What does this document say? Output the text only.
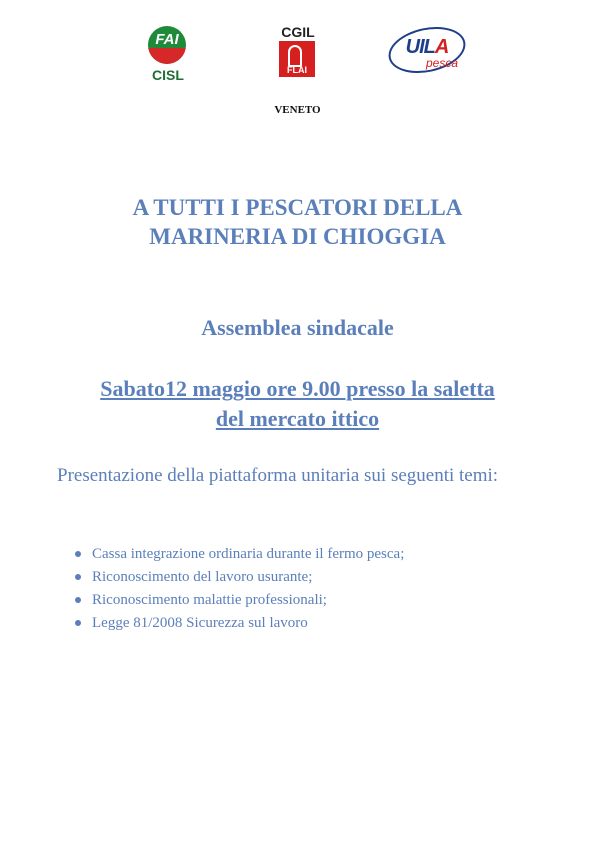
FAI
CISL
CGIL
FLAI
UILA
pesca
VENETO
A TUTTI I PESCATORI DELLA
MARINERIA DI CHIOGGIA
Assemblea sindacale
Sabato12 maggio ore 9.00 presso la saletta
del mercato ittico
Presentazione della piattaforma unitaria sui seguenti temi:
Cassa integrazione ordinaria durante il fermo pesca;
Riconoscimento del lavoro usurante;
Riconoscimento malattie professionali;
Legge 81/2008 Sicurezza sul lavoro
